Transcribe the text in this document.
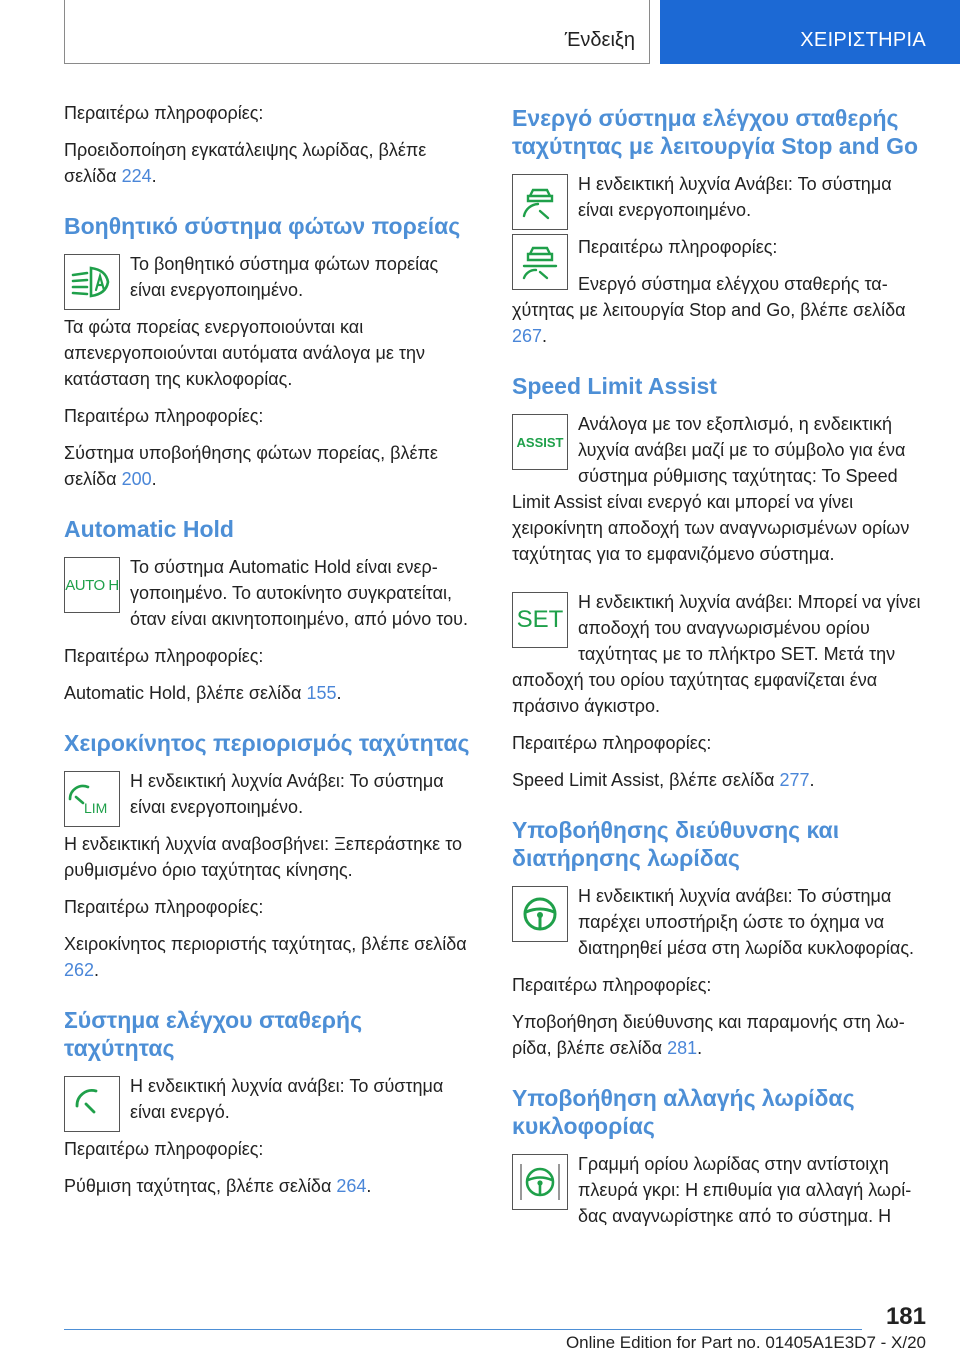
Ένδειξη	ΧΕΙΡΙΣΤΗΡΙΑ

Περαιτέρω πληροφορίες:

Προειδοποίηση εγκατάλειψης λωρίδας, βλέπε σελίδα 224.

Βοηθητικό σύστημα φώτων πορείας

Το βοηθητικό σύστημα φώτων πορείας είναι ενεργοποιημένο.

Τα φώτα πορείας ενεργοποιούνται και απενεργοποιούνται αυτόματα ανάλογα με την κατάσταση της κυκλοφορίας.

Περαιτέρω πληροφορίες:

Σύστημα υποβοήθησης φώτων πορείας, βλέπε σελίδα 200.

Automatic Hold
AUTO H

Το σύστημα Automatic Hold είναι ενεργοποιημένο. Το αυτοκίνητο συγκρατείται, όταν είναι ακινητοποιημένο, από μόνο του.

Περαιτέρω πληροφορίες:

Automatic Hold, βλέπε σελίδα 155.

Χειροκίνητος περιορισμός ταχύτητας
LIM

Η ενδεικτική λυχνία Ανάβει: Το σύστημα είναι ενεργοποιημένο.

Η ενδεικτική λυχνία αναβοσβήνει: Ξεπεράστηκε το ρυθμισμένο όριο ταχύτητας κίνησης.

Περαιτέρω πληροφορίες:

Χειροκίνητος περιοριστής ταχύτητας, βλέπε σελίδα 262.

Σύστημα ελέγχου σταθερής ταχύτητας

Η ενδεικτική λυχνία ανάβει: Το σύστημα είναι ενεργό.

Περαιτέρω πληροφορίες:

Ρύθμιση ταχύτητας, βλέπε σελίδα 264.

Ενεργό σύστημα ελέγχου σταθερής ταχύτητας με λειτουργία Stop and Go

Η ενδεικτική λυχνία Ανάβει: Το σύστημα είναι ενεργοποιημένο.

Περαιτέρω πληροφορίες:

Ενεργό σύστημα ελέγχου σταθερής ταχύτητας με λειτουργία Stop and Go, βλέπε σελίδα 267.

Speed Limit Assist
ASSIST

Ανάλογα με τον εξοπλισμό, η ενδεικτική λυχνία ανάβει μαζί με το σύμβολο για ένα σύστημα ρύθμισης ταχύτητας: Το Speed Limit Assist είναι ενεργό και μπορεί να γίνει χειροκίνητη αποδοχή των αναγνωρισμένων ορίων ταχύτητας για το εμφανιζόμενο σύστημα.

SET

Η ενδεικτική λυχνία ανάβει: Μπορεί να γίνει αποδοχή του αναγνωρισμένου ορίου ταχύτητας με το πλήκτρο SET. Μετά την αποδοχή του ορίου ταχύτητας εμφανίζεται ένα πράσινο άγκιστρο.

Περαιτέρω πληροφορίες:

Speed Limit Assist, βλέπε σελίδα 277.

Υποβοήθησης διεύθυνσης και διατήρησης λωρίδας

Η ενδεικτική λυχνία ανάβει: Το σύστημα παρέχει υποστήριξη ώστε το όχημα να διατηρηθεί μέσα στη λωρίδα κυκλοφορίας.

Περαιτέρω πληροφορίες:

Υποβοήθηση διεύθυνσης και παραμονής στη λωρίδα, βλέπε σελίδα 281.

Υποβοήθηση αλλαγής λωρίδας κυκλοφορίας

Γραμμή ορίου λωρίδας στην αντίστοιχη πλευρά γκρι: Η επιθυμία για αλλαγή λωρίδας αναγνωρίστηκε από το σύστημα. Η

181
Online Edition for Part no. 01405A1E3D7 - X/20
